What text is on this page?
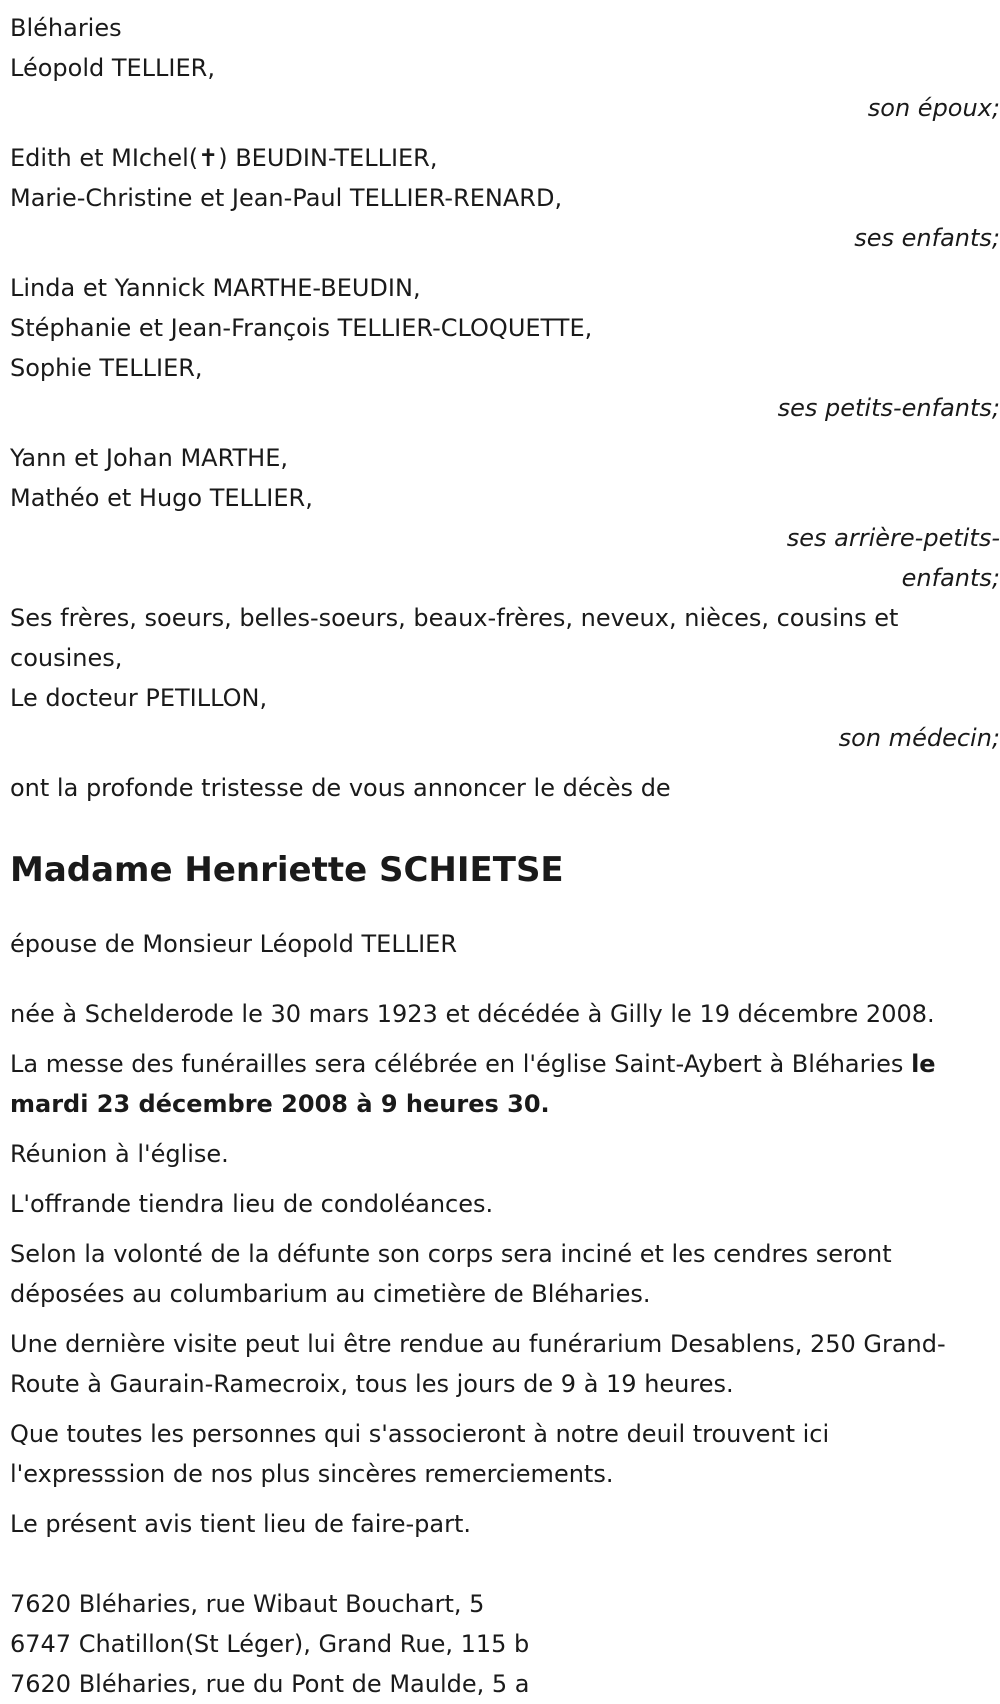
Bléharies
Léopold TELLIER,
son époux;
Edith et MIchel(✝) BEUDIN-TELLIER,
Marie-Christine et Jean-Paul TELLIER-RENARD,
ses enfants;
Linda et Yannick MARTHE-BEUDIN,
Stéphanie et Jean-François TELLIER-CLOQUETTE,
Sophie TELLIER,
ses petits-enfants;
Yann et Johan MARTHE,
Mathéo et Hugo TELLIER,
ses arrière-petits-
enfants;
Ses frères, soeurs, belles-soeurs, beaux-frères, neveux, nièces, cousins et cousines,
Le docteur PETILLON,
son médecin;
ont la profonde tristesse de vous annoncer le décès de
Madame Henriette SCHIETSE
épouse de Monsieur Léopold TELLIER
née à Schelderode le 30 mars 1923 et décédée à Gilly le 19 décembre 2008.
La messe des funérailles sera célébrée en l'église Saint-Aybert à Bléharies le mardi 23 décembre 2008 à 9 heures 30.
Réunion à l'église.
L'offrande tiendra lieu de condoléances.
Selon la volonté de la défunte son corps sera inciné et les cendres seront déposées au columbarium au cimetière de Bléharies.
Une dernière visite peut lui être rendue au funérarium Desablens, 250 Grand-Route à Gaurain-Ramecroix, tous les jours de 9 à 19 heures.
Que toutes les personnes qui s'associeront à notre deuil trouvent ici l'expresssion de nos plus sincères remerciements.
Le présent avis tient lieu de faire-part.
7620 Bléharies, rue Wibaut Bouchart, 5
6747 Chatillon(St Léger), Grand Rue, 115 b
7620 Bléharies, rue du Pont de Maulde, 5 a
